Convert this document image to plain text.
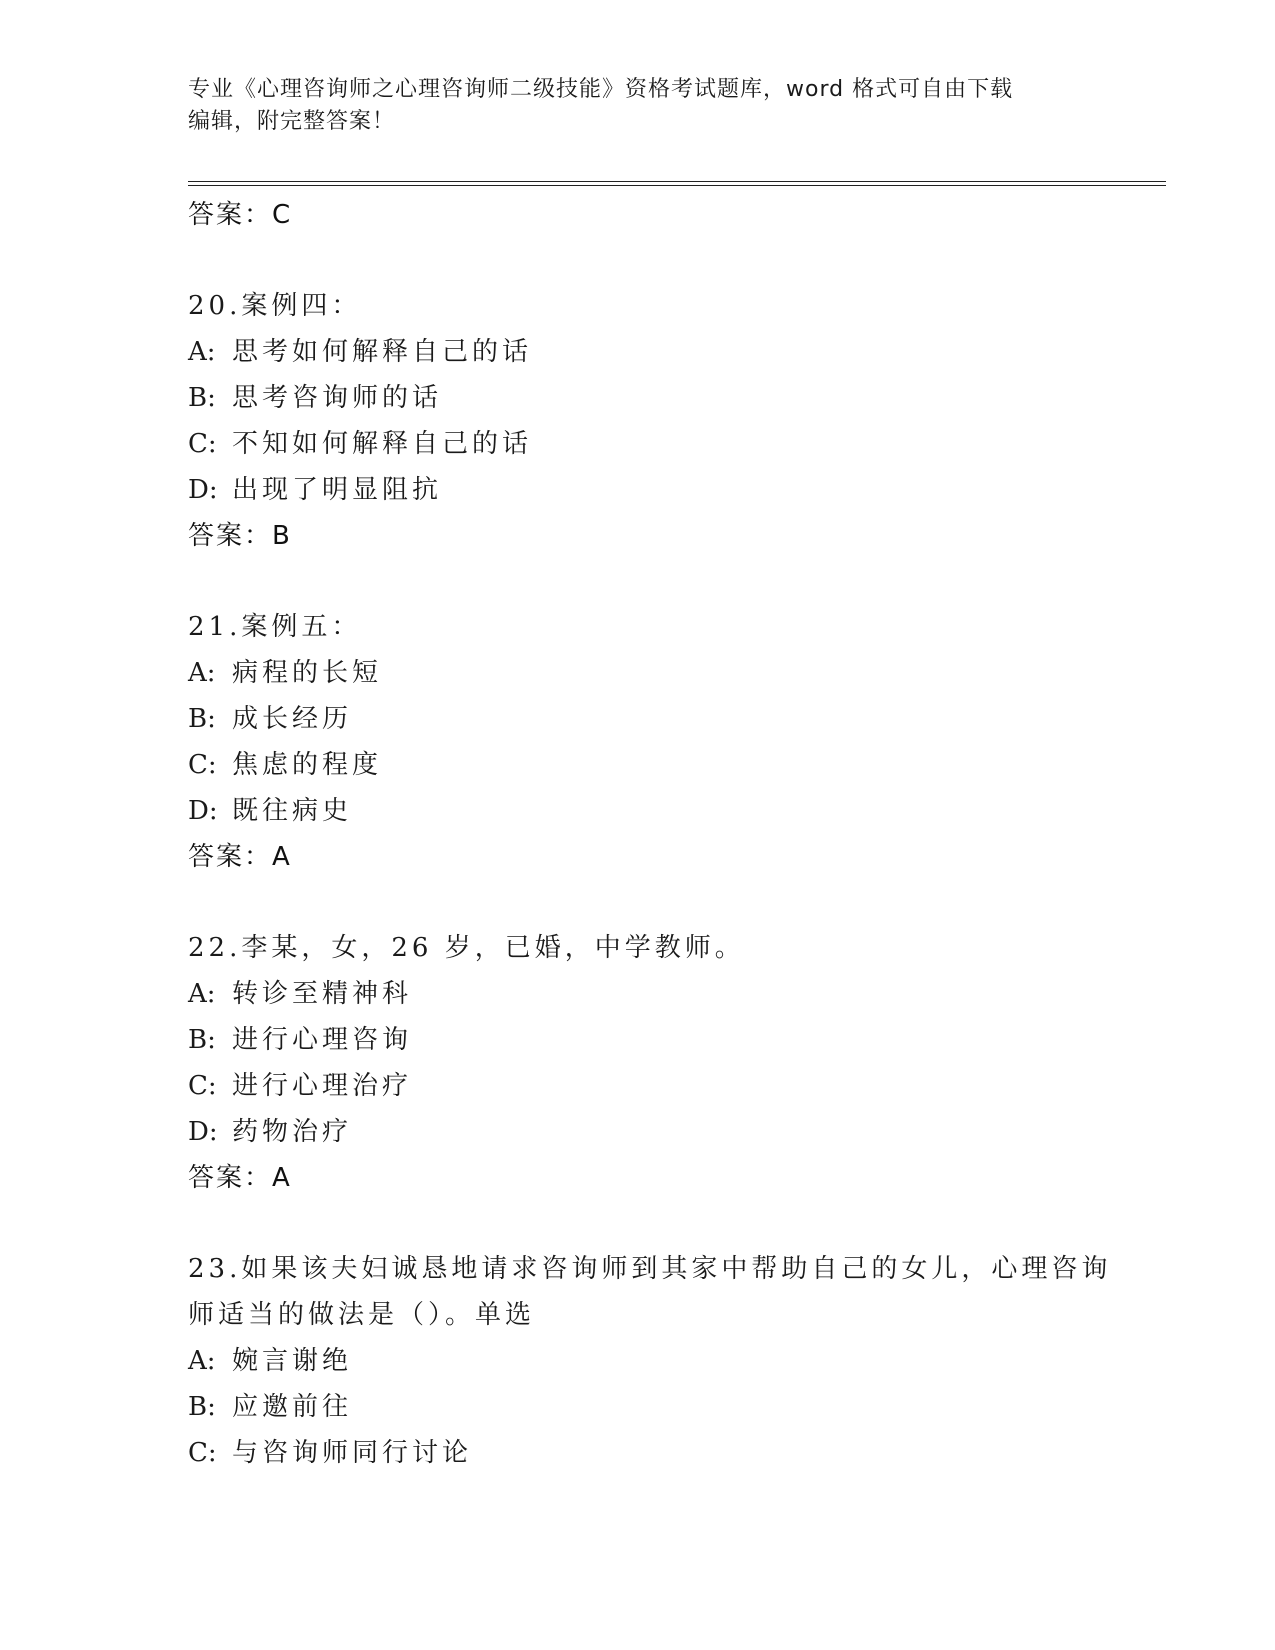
专业《心理咨询师之心理咨询师二级技能》资格考试题库，word 格式可自由下载
编辑，附完整答案！
答案：C
20.案例四：
A: 思考如何解释自己的话
B: 思考咨询师的话
C: 不知如何解释自己的话
D: 出现了明显阻抗
答案：B
21.案例五：
A: 病程的长短
B: 成长经历
C: 焦虑的程度
D: 既往病史
答案：A
22.李某，女，26 岁，已婚，中学教师。
A: 转诊至精神科
B: 进行心理咨询
C: 进行心理治疗
D: 药物治疗
答案：A
23.如果该夫妇诚恳地请求咨询师到其家中帮助自己的女儿，心理咨询
师适当的做法是（）。单选
A: 婉言谢绝
B: 应邀前往
C: 与咨询师同行讨论
